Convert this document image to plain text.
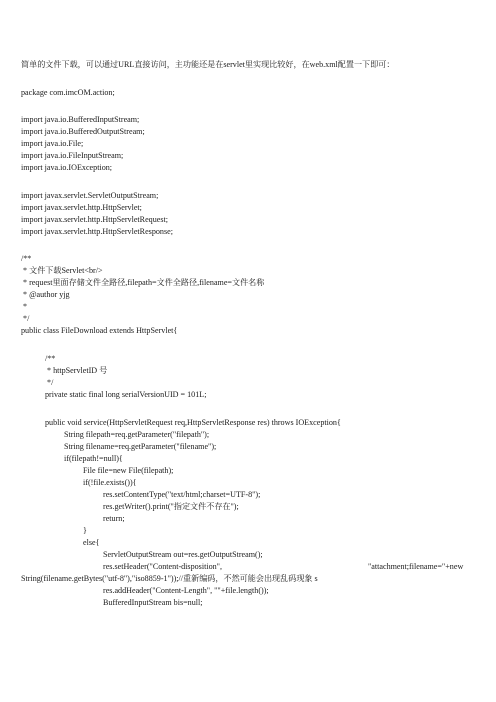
简单的文件下载，可以通过URL直接访问，主功能还是在servlet里实现比较好，在web.xml配置一下即可：
package com.imcOM.action;
import java.io.BufferedInputStream;
import java.io.BufferedOutputStream;
import java.io.File;
import java.io.FileInputStream;
import java.io.IOException;
import javax.servlet.ServletOutputStream;
import javax.servlet.http.HttpServlet;
import javax.servlet.http.HttpServletRequest;
import javax.servlet.http.HttpServletResponse;
/**
* 文件下载Servlet<br/>
* request里面存储文件全路径,filepath=文件全路径,filename=文件名称
* @author yjg
*
*/
public class FileDownload extends HttpServlet{
/**
* httpServletID 号
*/
private static final long serialVersionUID = 101L;
public void service(HttpServletRequest req,HttpServletResponse res) throws IOException{
String filepath=req.getParameter("filepath");
String filename=req.getParameter("filename");
if(filepath!=null){
File file=new File(filepath);
if(!file.exists()){
res.setContentType("text/html;charset=UTF-8");
res.getWriter().print("指定文件不存在");
return;
}
else{
ServletOutputStream out=res.getOutputStream();
res.setHeader("Content-disposition",	"attachment;filename="+new
String(filename.getBytes("utf-8"),"iso8859-1"));//重新编码，不然可能会出现乱码现象 s
res.addHeader("Content-Length", ""+file.length());
BufferedInputStream bis=null;
